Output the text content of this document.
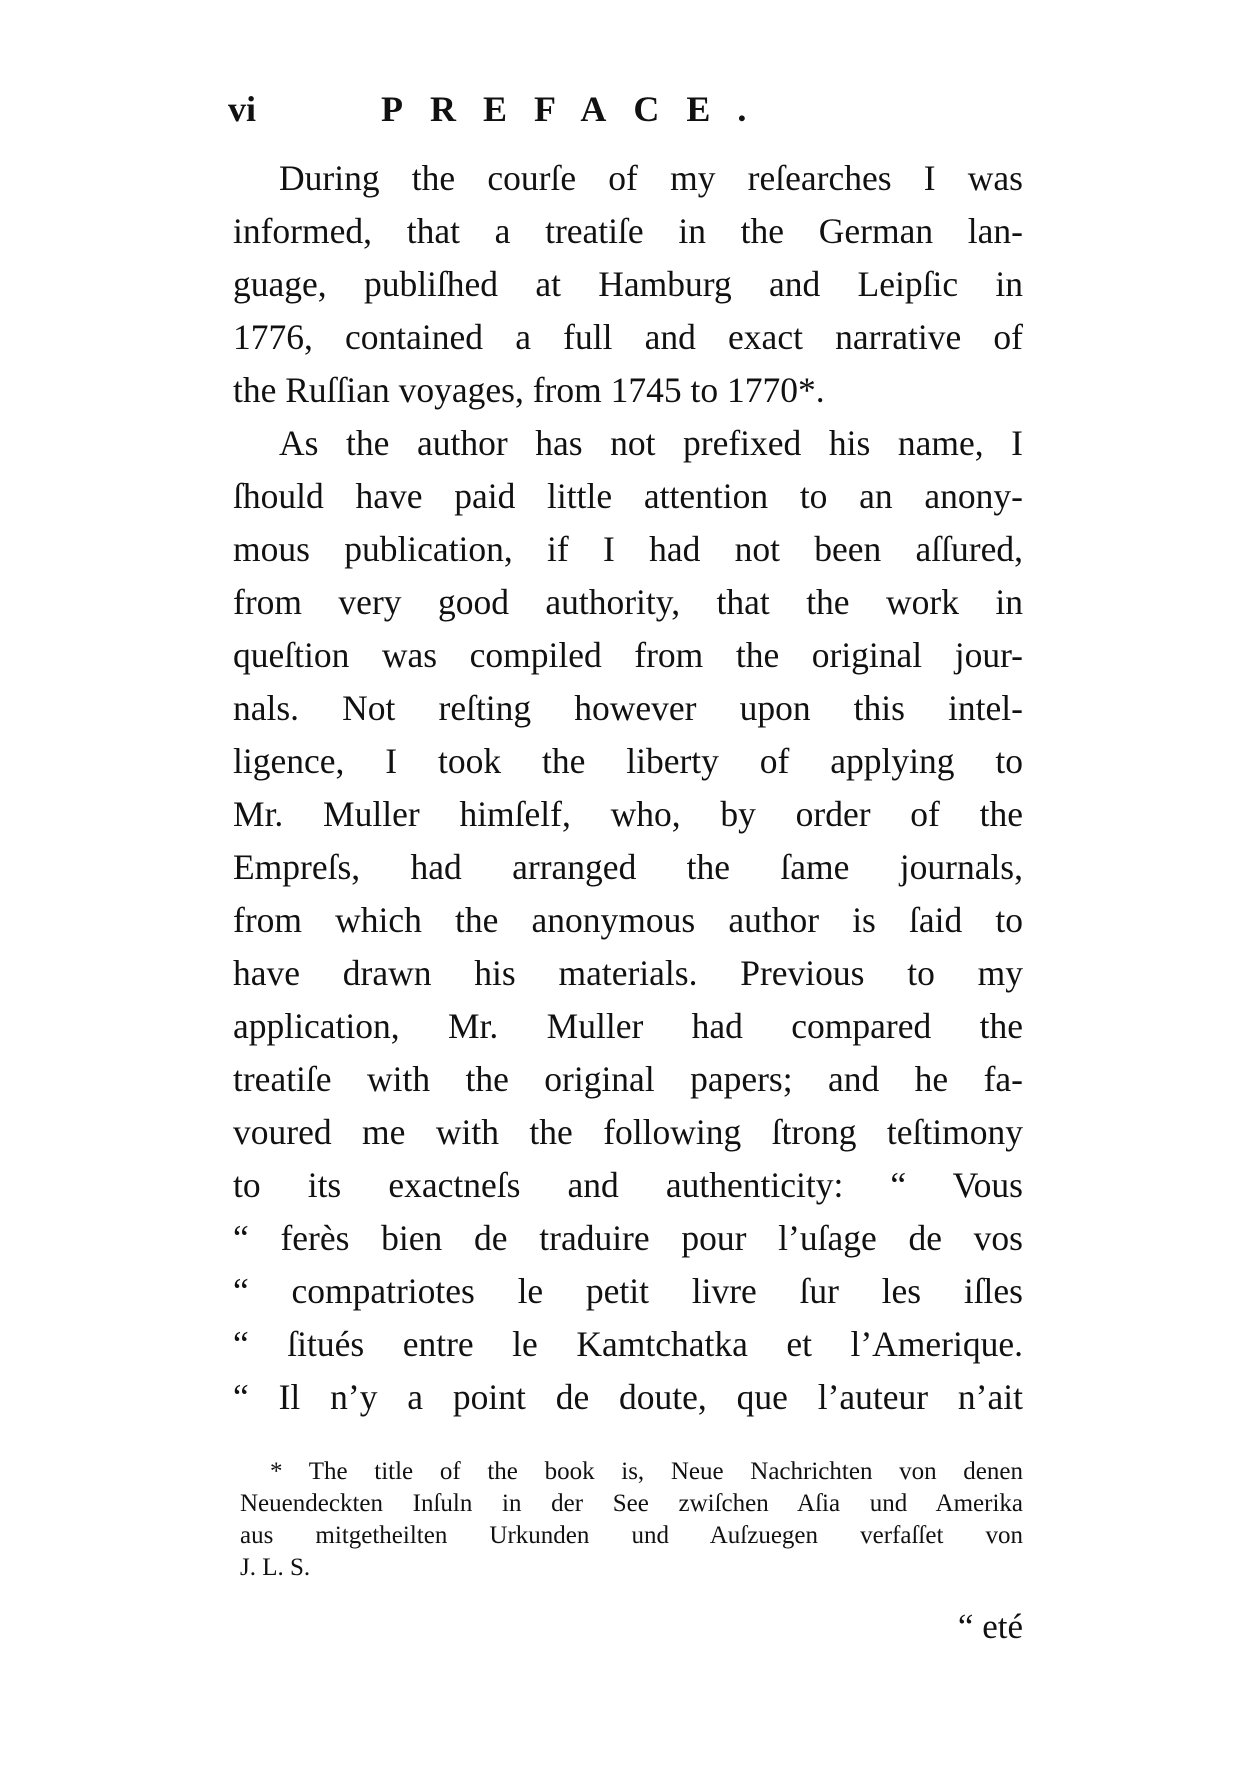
vi	PREFACE.
During the courſe of my reſearches I was
informed, that a treatiſe in the German lan-
guage, publiſhed at Hamburg and Leipſic in
1776, contained a full and exact narrative of
the Ruſſian voyages, from 1745 to 1770*.
As the author has not prefixed his name, I
ſhould have paid little attention to an anony-
mous publication, if I had not been aſſured,
from very good authority, that the work in
queſtion was compiled from the original jour-
nals. Not reſting however upon this intel-
ligence, I took the liberty of applying to
Mr. Muller himſelf, who, by order of the
Empreſs, had arranged the ſame journals,
from which the anonymous author is ſaid to
have drawn his materials. Previous to my
application, Mr. Muller had compared the
treatiſe with the original papers; and he fa-
voured me with the following ſtrong teſtimony
to its exactneſs and authenticity: “ Vous
“ ferès bien de traduire pour l’uſage de vos
“ compatriotes le petit livre ſur les iſles
“ ſitués entre le Kamtchatka et l’Amerique.
“ Il n’y a point de doute, que l’auteur n’ait
* The title of the book is, Neue Nachrichten von denen
Neuendeckten Inſuln in der See zwiſchen Aſia und Amerika
aus mitgetheilten Urkunden und Auſzuegen verfaſſet von
J. L. S.
“ eté
